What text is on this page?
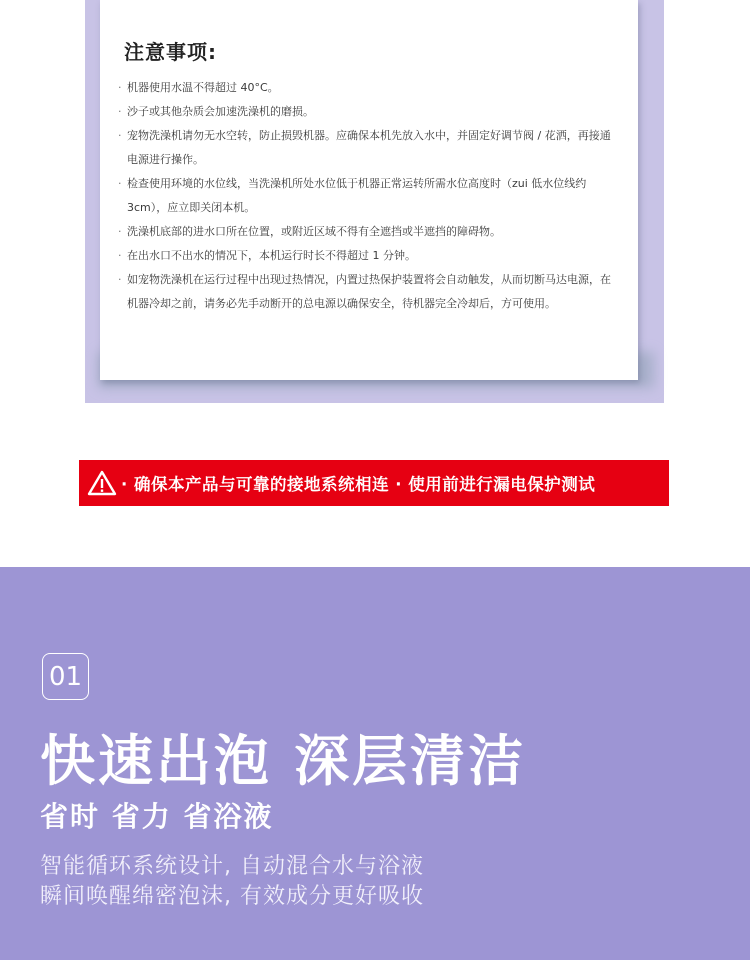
注意事项:
· 机器使用水温不得超过 40°C。
· 沙子或其他杂质会加速洗澡机的磨损。
· 宠物洗澡机请勿无水空转，防止损毁机器。应确保本机先放入水中，并固定好调节阀 / 花洒，再接通电源进行操作。
· 检查使用环境的水位线，当洗澡机所处水位低于机器正常运转所需水位高度时（zui 低水位线约 3cm），应立即关闭本机。
· 洗澡机底部的进水口所在位置，或附近区域不得有全遮挡或半遮挡的障碍物。
· 在出水口不出水的情况下，本机运行时长不得超过 1 分钟。
· 如宠物洗澡机在运行过程中出现过热情况，内置过热保护装置将会自动触发，从而切断马达电源，在机器冷却之前，请务必先手动断开的总电源以确保安全，待机器完全冷却后，方可使用。
· 确保本产品与可靠的接地系统相连 · 使用前进行漏电保护测试
01
快速出泡 深层清洁
省时 省力 省浴液

智能循环系统设计, 自动混合水与浴液

瞬间唤醒绵密泡沫, 有效成分更好吸收
